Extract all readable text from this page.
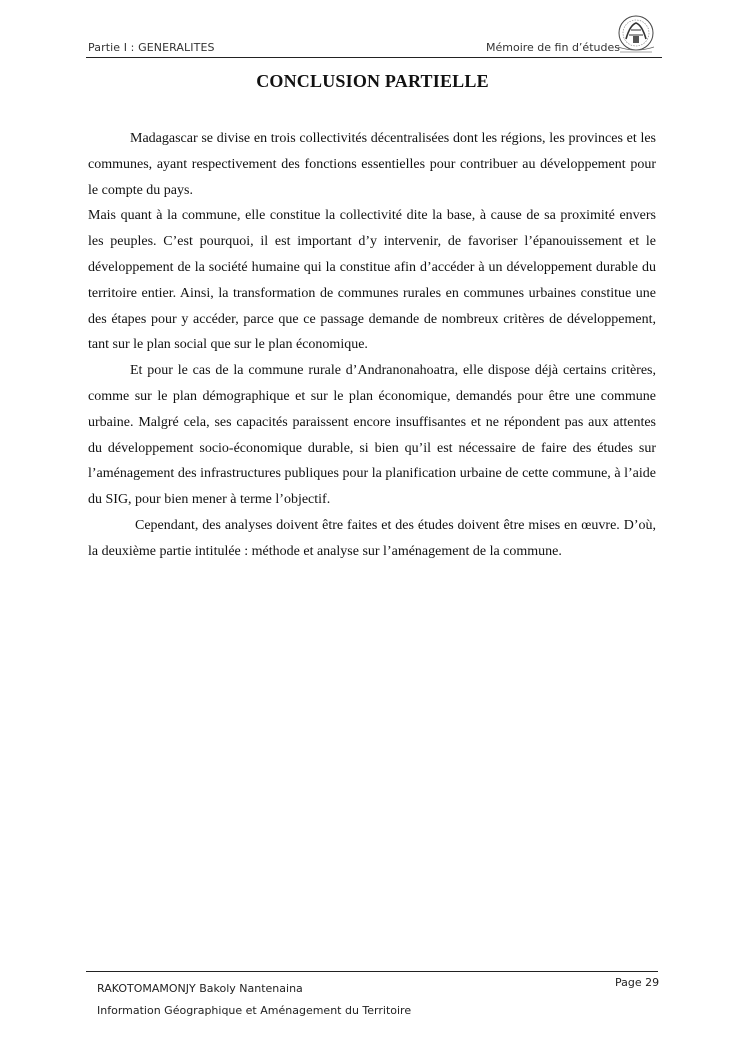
Partie I : GENERALITES	Mémoire de fin d’études
CONCLUSION PARTIELLE

Madagascar se divise en trois collectivités décentralisées dont les régions, les provinces et les communes, ayant respectivement des fonctions essentielles pour contribuer au développement pour le compte du pays.

Mais quant à la commune, elle constitue la collectivité dite la base, à cause de sa proximité envers les peuples. C’est pourquoi, il est important d’y intervenir, de favoriser l’épanouissement et le développement de la société humaine qui la constitue afin d’accéder à un développement durable du territoire entier. Ainsi, la transformation de communes rurales en communes urbaines constitue une des étapes pour y accéder, parce que ce passage demande de nombreux critères de développement, tant sur le plan social que sur le plan économique.

Et pour le cas de la commune rurale d’Andranonahoatra, elle dispose déjà certains critères, comme sur le plan démographique et sur le plan économique, demandés pour être une commune urbaine. Malgré cela, ses capacités paraissent encore insuffisantes et ne répondent pas aux attentes du développement socio-économique durable, si bien qu’il est nécessaire de faire des études sur l’aménagement des infrastructures publiques pour la planification urbaine de cette commune, à l’aide du SIG, pour bien mener à terme l’objectif.

Cependant, des analyses doivent être faites et des études doivent être mises en œuvre. D’où, la deuxième partie intitulée : méthode et analyse sur l’aménagement de la commune.

RAKOTOMAMONJY Bakoly Nantenaina
Information Géographique et Aménagement du Territoire
Page 29
